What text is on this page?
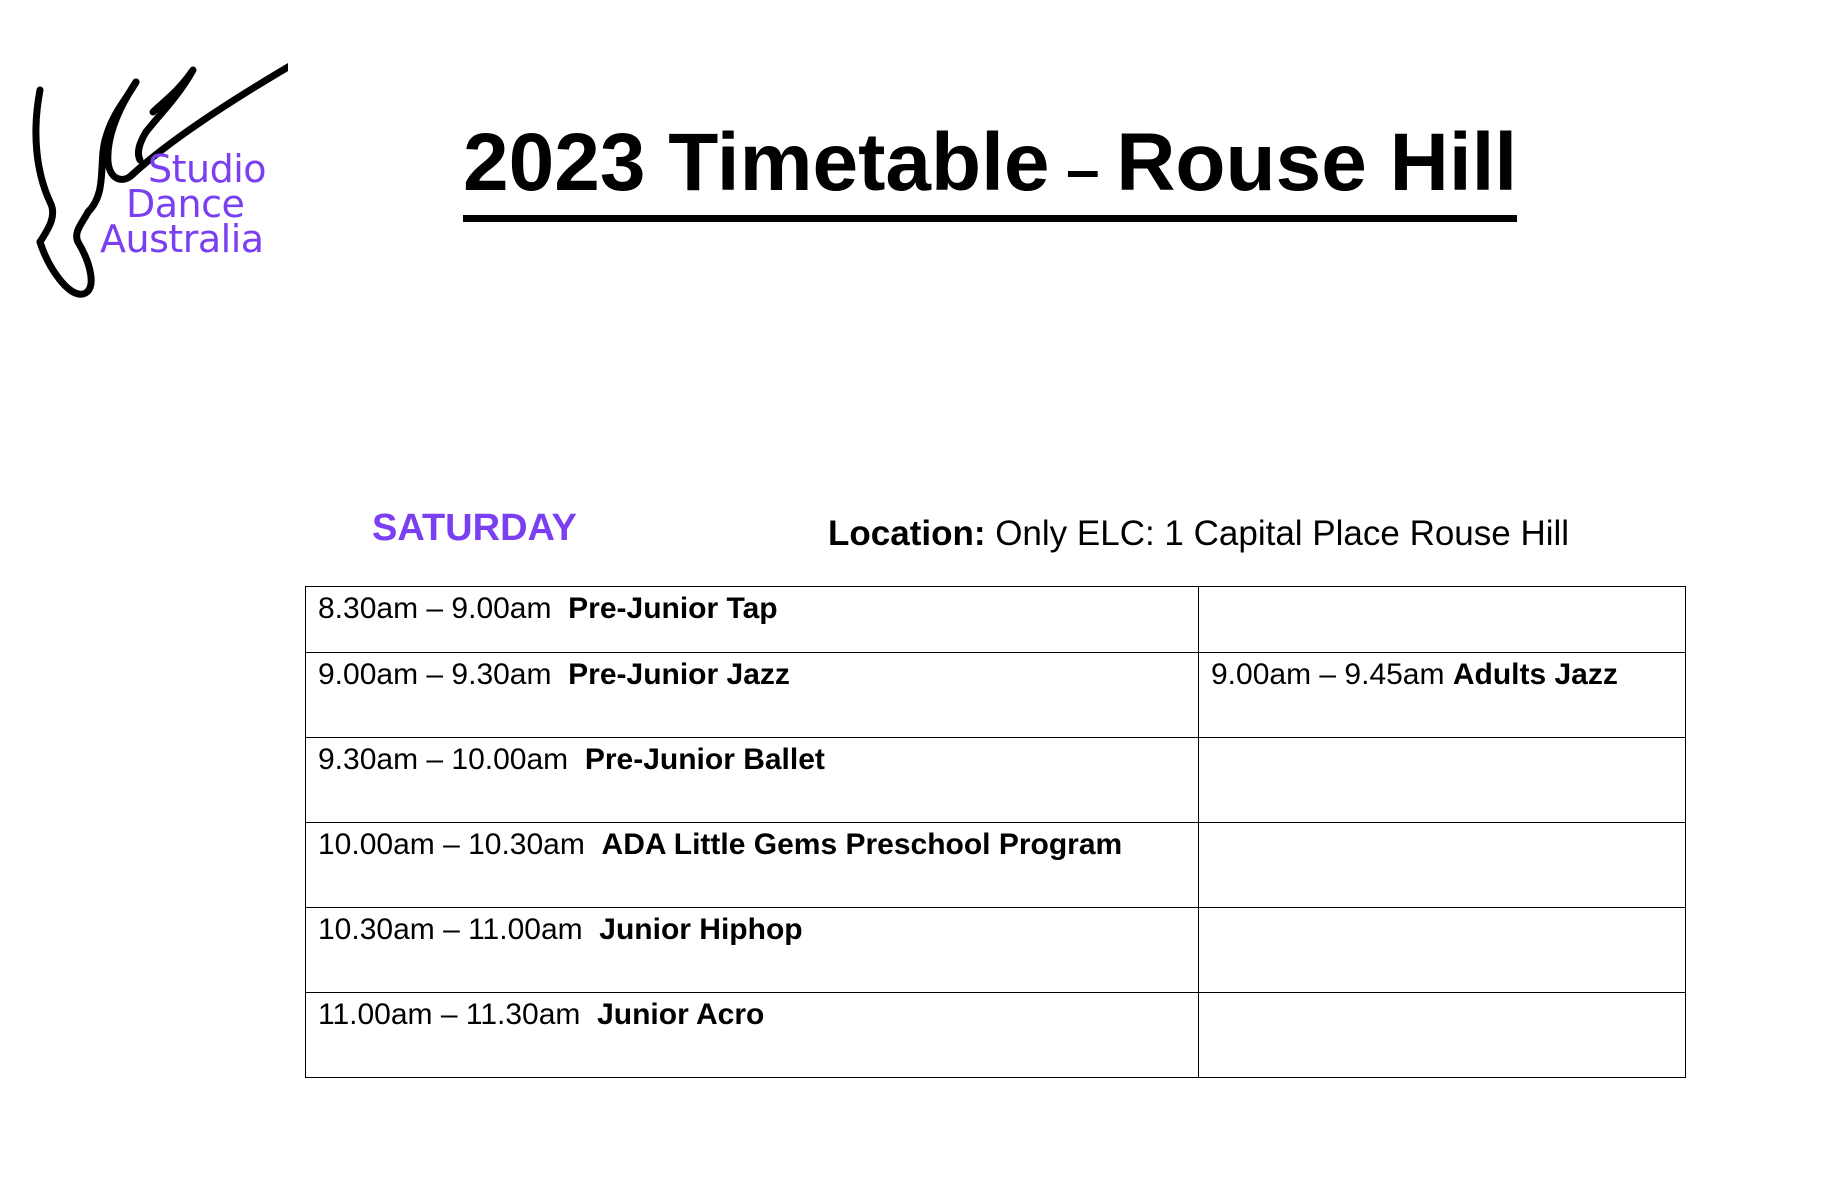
Studio
Dance
Australia
2023 Timetable – Rouse Hill
SATURDAY	Location: Only ELC: 1 Capital Place Rouse Hill
8.30am – 9.00am Pre-Junior Tap	
9.00am – 9.30am Pre-Junior Jazz	9.00am – 9.45am Adults Jazz
9.30am – 10.00am Pre-Junior Ballet	
10.00am – 10.30am ADA Little Gems Preschool Program	
10.30am – 11.00am Junior Hiphop	
11.00am – 11.30am Junior Acro	
